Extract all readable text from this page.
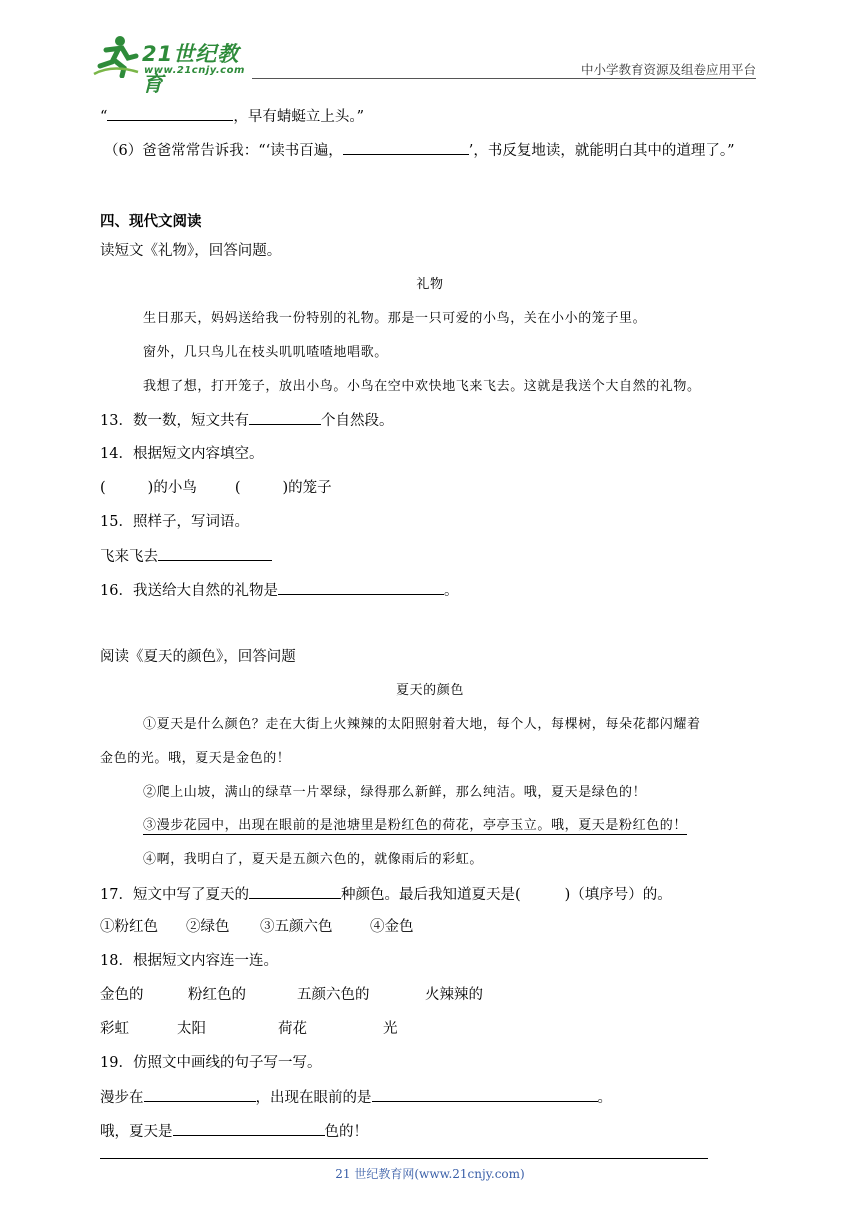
21世纪教育
www.21cnjy.com	中小学教育资源及组卷应用平台
“	，早有蜻蜓立上头。”
（6）爸爸常常告诉我：“‘读书百遍，	’，书反复地读，就能明白其中的道理了。”
四、现代文阅读
读短文《礼物》，回答问题。
礼物
生日那天，妈妈送给我一份特别的礼物。那是一只可爱的小鸟，关在小小的笼子里。
窗外，几只鸟儿在枝头叽叽喳喳地唱歌。
我想了想，打开笼子，放出小鸟。小鸟在空中欢快地飞来飞去。这就是我送个大自然的礼物。
13．数一数，短文共有	个自然段。
14．根据短文内容填空。
(	)的小鸟	(	)的笼子
15．照样子，写词语。
飞来飞去
16．我送给大自然的礼物是	。
阅读《夏天的颜色》，回答问题
夏天的颜色
①夏天是什么颜色？走在大街上火辣辣的太阳照射着大地，每个人，每棵树，每朵花都闪耀着
金色的光。哦，夏天是金色的！
②爬上山坡，满山的绿草一片翠绿，绿得那么新鲜，那么纯洁。哦，夏天是绿色的！
③漫步花园中，出现在眼前的是池塘里是粉红色的荷花，亭亭玉立。哦，夏天是粉红色的！
④啊，我明白了，夏天是五颜六色的，就像雨后的彩虹。
17．短文中写了夏天的	种颜色。最后我知道夏天是(	)（填序号）的。
①粉红色 ②绿色 ③五颜六色	④金色
18．根据短文内容连一连。
金色的	粉红色的	五颜六色的	火辣辣的
彩虹	太阳	荷花	光
19．仿照文中画线的句子写一写。
漫步在	，出现在眼前的是	。
哦，夏天是	色的！
21 世纪教育网(www.21cnjy.com)
